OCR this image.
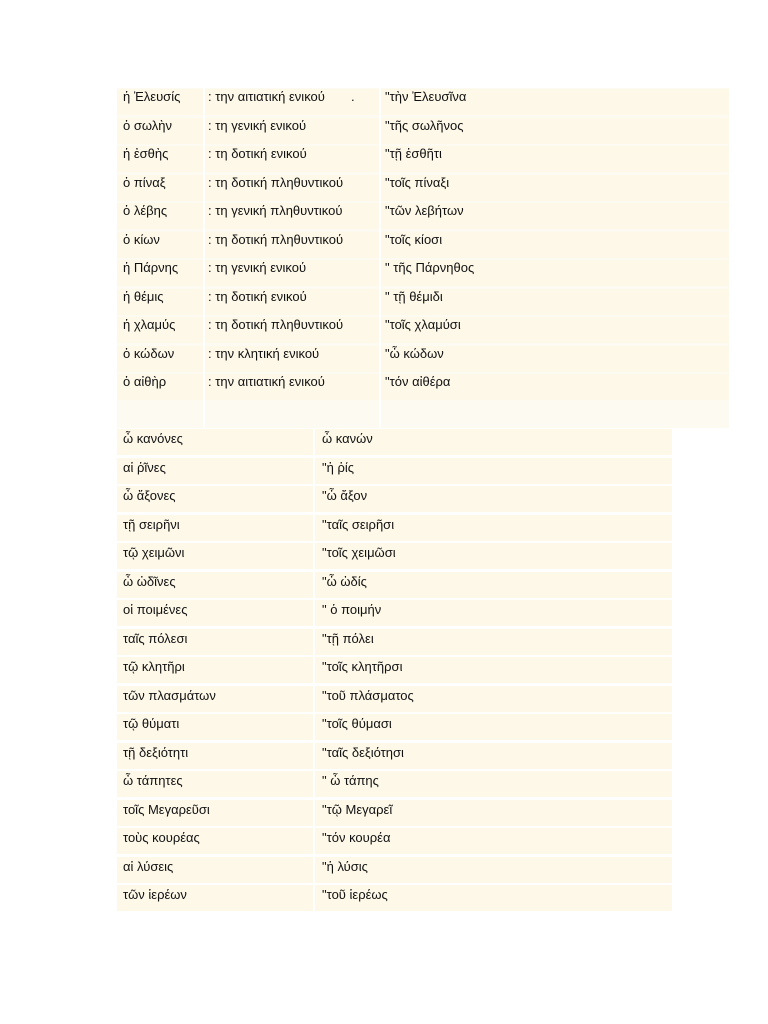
ἡ Ἐλευσίς : την αιτιατική ενικού . "τὴν Ἐλευσῖνα
ὁ σωλὴν	: τη γενική ενικού	"τῆς σωλῆνος
ἡ ἐσθὴς	: τη δοτική ενικού	"τῇ ἐσθῆτι
ὁ πίναξ	: τη δοτική πληθυντικού	"τοῖς πίναξι
ὁ λέβης	: τη γενική πληθυντικού	"τῶν λεβήτων
ὁ κίων	: τη δοτική πληθυντικού	"τοῖς κίοσι
ἡ Πάρνης : τη γενική ενικού	" τῆς Πάρνηθος
ἡ θέμις	: τη δοτική ενικού	" τῇ θέμιδι
ἡ χλαμύς	: τη δοτική πληθυντικού	"τοῖς χλαμύσι
ὁ κώδων	: την κλητική ενικού	"ὦ κώδων
ὁ αἰθὴρ	: την αιτιατική ενικού	"τόν αἰθέρα
ὦ κανόνες	ὦ κανών
αἱ ῥῖνες	"ἡ ῥίς
ὦ ἄξονες	"ὦ ἄξον
τῇ σειρῆνι	"ταῖς σειρῆσι
τῷ χειμῶνι	"τοῖς χειμῶσι
ὦ ὠδῖνες	"ὦ ὠδίς
οἱ ποιμένες	" ὁ ποιμήν
ταῖς πόλεσι	"τῇ πόλει
τῷ κλητῆρι	"τοῖς κλητῆρσι
τῶν πλασμάτων	"τοῦ πλάσματος
τῷ θύματι	"τοῖς θύμασι
τῇ δεξιότητι	"ταῖς δεξιότησι
ὦ τάπητες	" ὦ τάπης
τοῖς Μεγαρεῦσι	"τῷ Μεγαρεῖ
τοὺς κουρέας	"τόν κουρέα
αἱ λύσεις	"ἡ λύσις
τῶν ἱερέων	"τοῦ ἱερέως
